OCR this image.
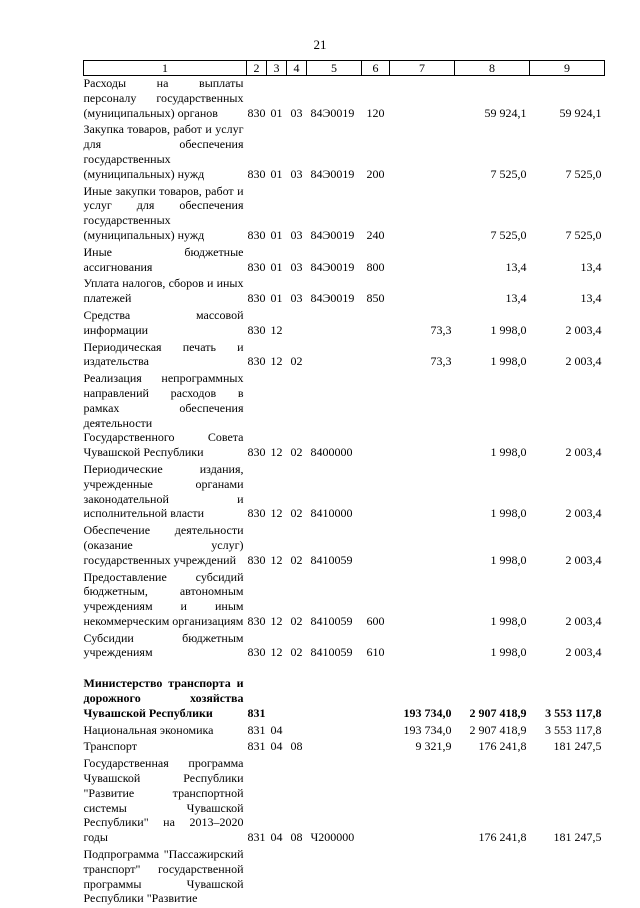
21
1	2	3	4	5	6	7	8	9
Расходы на выплаты персоналу государственных (муниципальных) органов	830	01	03	84Э0019	120		59 924,1	59 924,1
Закупка товаров, работ и услуг для обеспечения государственных (муниципальных) нужд	830	01	03	84Э0019	200		7 525,0	7 525,0
Иные закупки товаров, работ и услуг для обеспечения государственных (муниципальных) нужд	830	01	03	84Э0019	240		7 525,0	7 525,0
Иные бюджетные ассигнования	830	01	03	84Э0019	800		13,4	13,4
Уплата налогов, сборов и иных платежей	830	01	03	84Э0019	850		13,4	13,4
Средства массовой информации	830	12				73,3	1 998,0	2 003,4
Периодическая печать и издательства	830	12	02			73,3	1 998,0	2 003,4
Реализация непрограммных направлений расходов в рамках обеспечения деятельности Государственного Совета Чувашской Республики	830	12	02	8400000			1 998,0	2 003,4
Периодические издания, учрежденные органами законодательной и исполнительной власти	830	12	02	8410000			1 998,0	2 003,4
Обеспечение деятельности (оказание услуг) государственных учреждений	830	12	02	8410059			1 998,0	2 003,4
Предоставление субсидий бюджетным, автономным учреждениям и иным некоммерческим организациям	830	12	02	8410059	600		1 998,0	2 003,4
Субсидии бюджетным учреждениям	830	12	02	8410059	610		1 998,0	2 003,4

Министерство транспорта и дорожного хозяйства Чувашской Республики	831					193 734,0	2 907 418,9	3 553 117,8
Национальная экономика	831	04				193 734,0	2 907 418,9	3 553 117,8
Транспорт	831	04	08			9 321,9	176 241,8	181 247,5
Государственная программа Чувашской Республики "Развитие транспортной системы Чувашской Республики" на 2013–2020 годы	831	04	08	Ч200000			176 241,8	181 247,5
Подпрограмма "Пассажирский транспорт" государственной программы Чувашской Республики "Развитие								
